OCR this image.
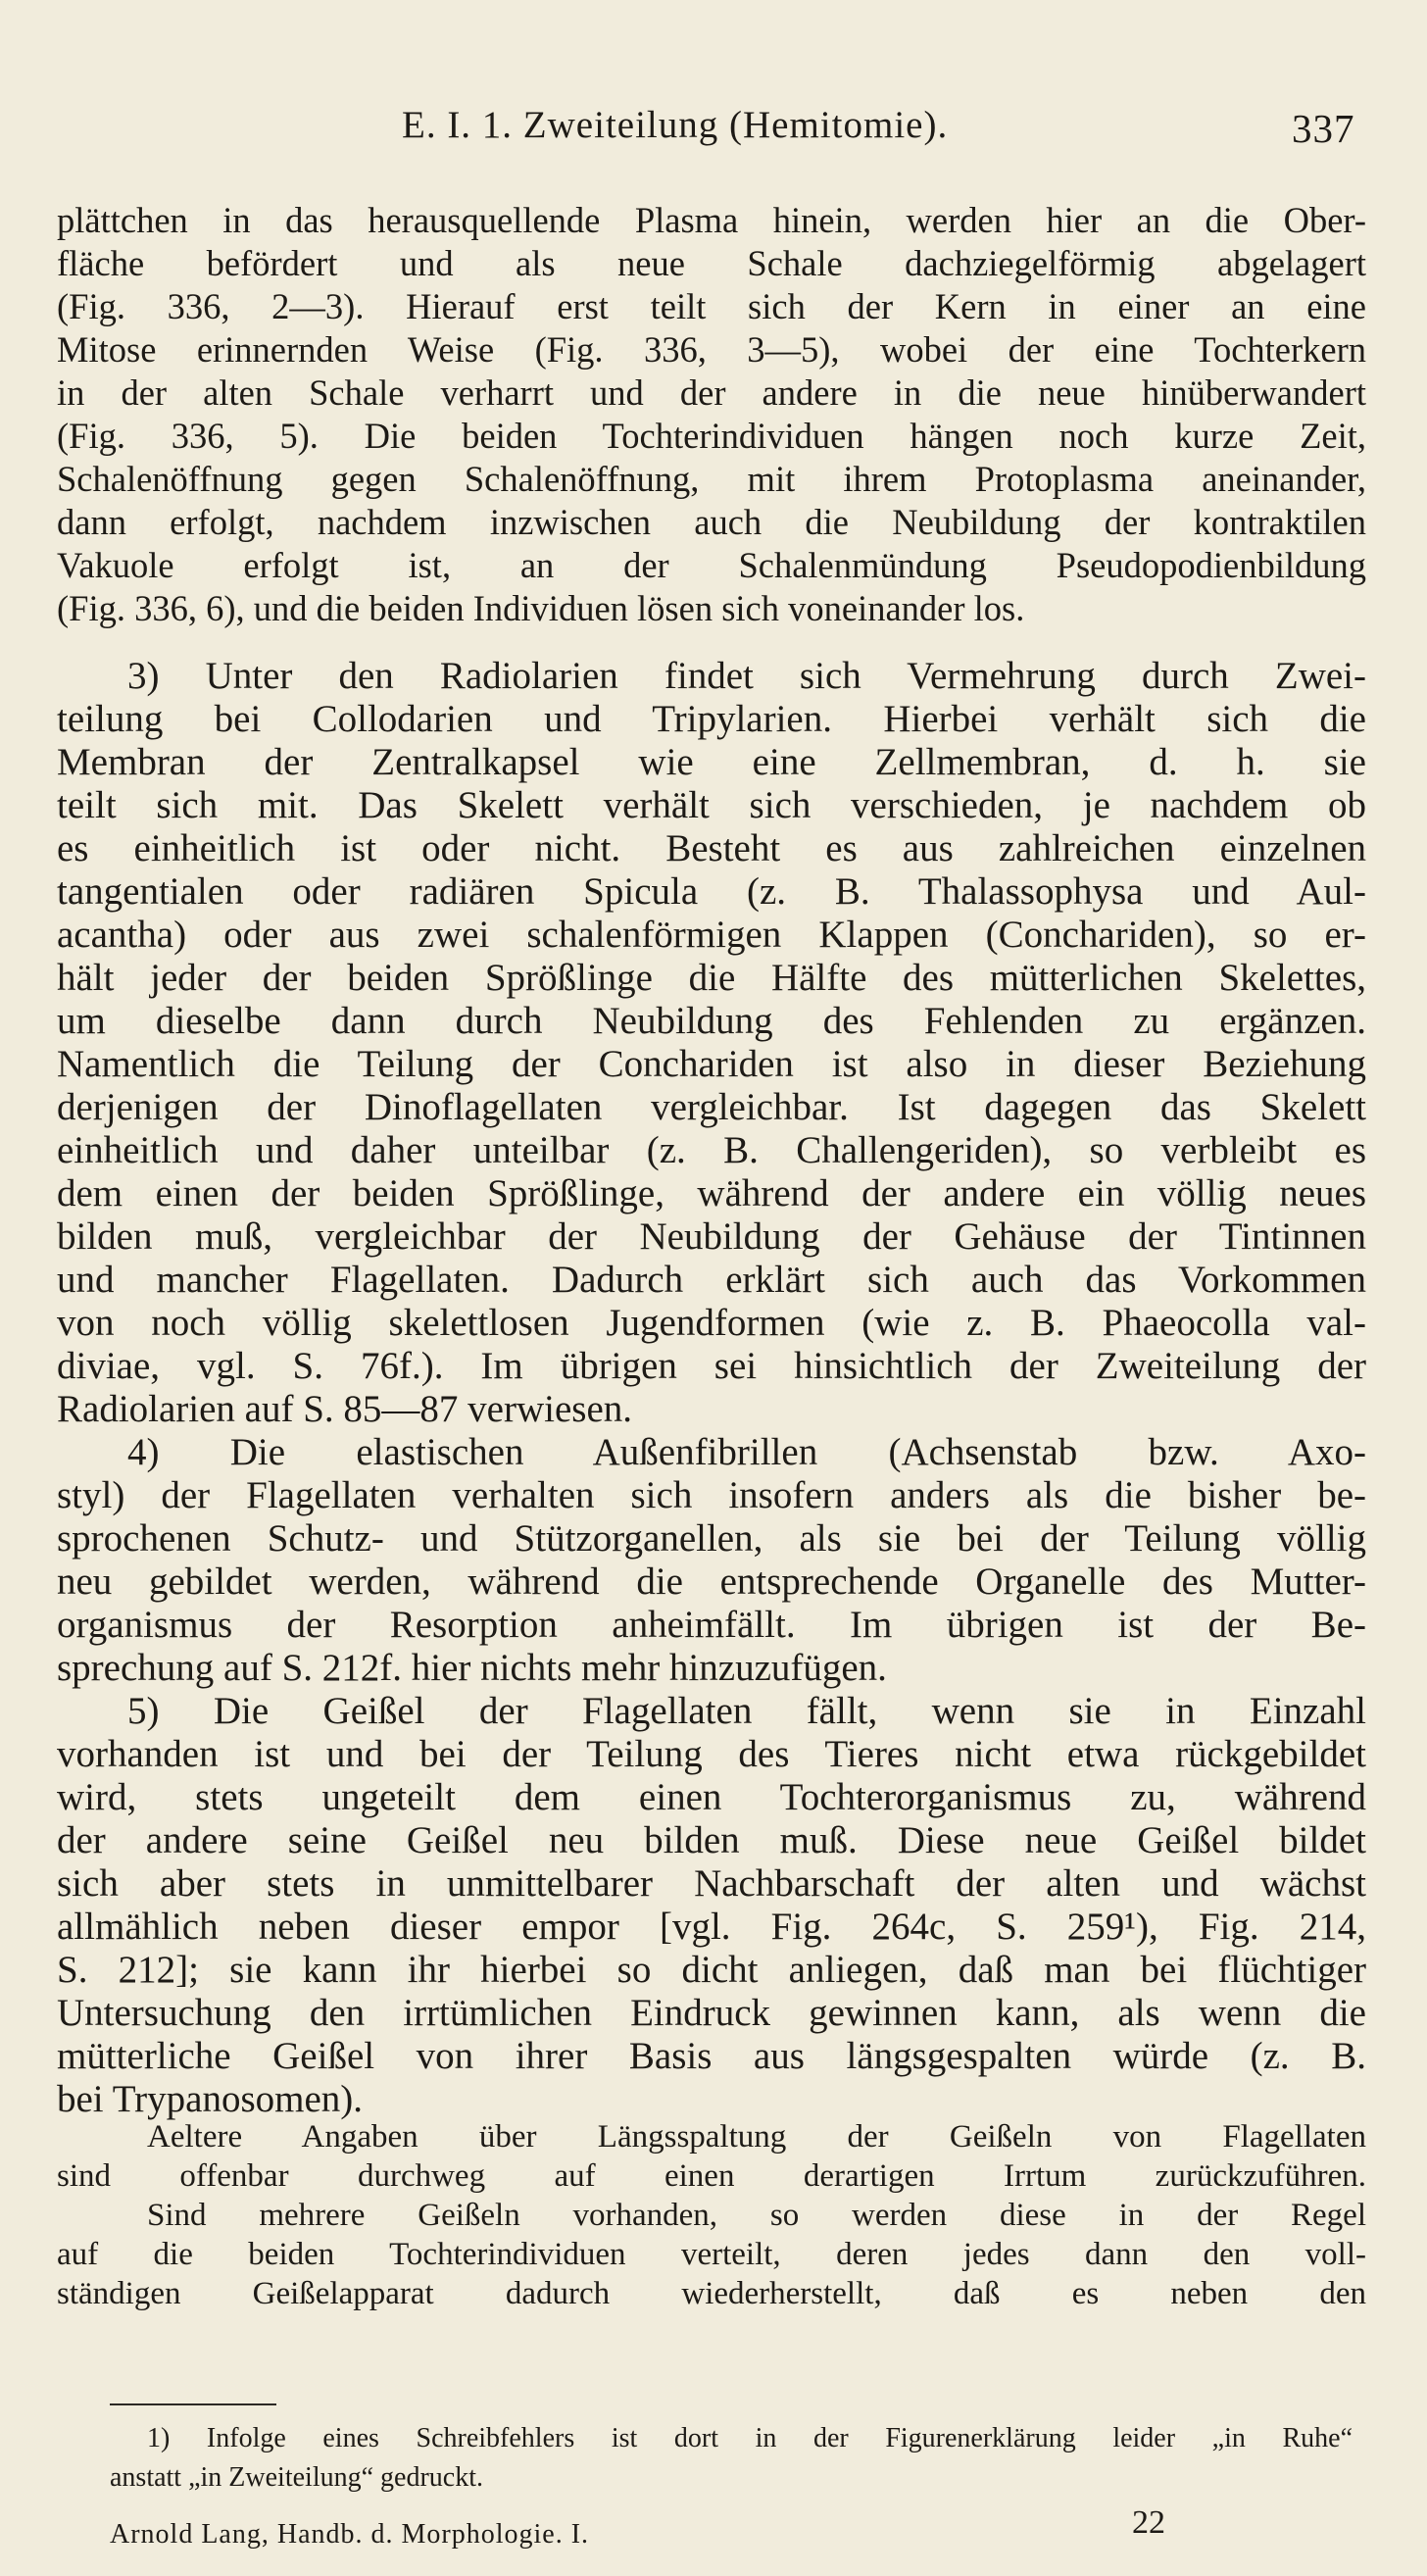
E. I. 1. Zweiteilung (Hemitomie).	337
plättchen in das herausquellende Plasma hinein, werden hier an die Ober-
fläche befördert und als neue Schale dachziegelförmig abgelagert
(Fig. 336, 2—3). Hierauf erst teilt sich der Kern in einer an eine
Mitose erinnernden Weise (Fig. 336, 3—5), wobei der eine Tochterkern
in der alten Schale verharrt und der andere in die neue hinüberwandert
(Fig. 336, 5). Die beiden Tochterindividuen hängen noch kurze Zeit,
Schalenöffnung gegen Schalenöffnung, mit ihrem Protoplasma aneinander,
dann erfolgt, nachdem inzwischen auch die Neubildung der kontraktilen
Vakuole erfolgt ist, an der Schalenmündung Pseudopodienbildung
(Fig. 336, 6), und die beiden Individuen lösen sich voneinander los.
3) Unter den Radiolarien findet sich Vermehrung durch Zwei-
teilung bei Collodarien und Tripylarien. Hierbei verhält sich die
Membran der Zentralkapsel wie eine Zellmembran, d. h. sie
teilt sich mit. Das Skelett verhält sich verschieden, je nachdem ob
es einheitlich ist oder nicht. Besteht es aus zahlreichen einzelnen
tangentialen oder radiären Spicula (z. B. Thalassophysa und Aul-
acantha) oder aus zwei schalenförmigen Klappen (Conchariden), so er-
hält jeder der beiden Sprößlinge die Hälfte des mütterlichen Skelettes,
um dieselbe dann durch Neubildung des Fehlenden zu ergänzen.
Namentlich die Teilung der Conchariden ist also in dieser Beziehung
derjenigen der Dinoflagellaten vergleichbar. Ist dagegen das Skelett
einheitlich und daher unteilbar (z. B. Challengeriden), so verbleibt es
dem einen der beiden Sprößlinge, während der andere ein völlig neues
bilden muß, vergleichbar der Neubildung der Gehäuse der Tintinnen
und mancher Flagellaten. Dadurch erklärt sich auch das Vorkommen
von noch völlig skelettlosen Jugendformen (wie z. B. Phaeocolla val-
diviae, vgl. S. 76f.). Im übrigen sei hinsichtlich der Zweiteilung der
Radiolarien auf S. 85—87 verwiesen.
4) Die elastischen Außenfibrillen (Achsenstab bzw. Axo-
styl) der Flagellaten verhalten sich insofern anders als die bisher be-
sprochenen Schutz- und Stützorganellen, als sie bei der Teilung völlig
neu gebildet werden, während die entsprechende Organelle des Mutter-
organismus der Resorption anheimfällt. Im übrigen ist der Be-
sprechung auf S. 212f. hier nichts mehr hinzuzufügen.
5) Die Geißel der Flagellaten fällt, wenn sie in Einzahl
vorhanden ist und bei der Teilung des Tieres nicht etwa rückgebildet
wird, stets ungeteilt dem einen Tochterorganismus zu, während
der andere seine Geißel neu bilden muß. Diese neue Geißel bildet
sich aber stets in unmittelbarer Nachbarschaft der alten und wächst
allmählich neben dieser empor [vgl. Fig. 264c, S. 259¹), Fig. 214,
S. 212]; sie kann ihr hierbei so dicht anliegen, daß man bei flüchtiger
Untersuchung den irrtümlichen Eindruck gewinnen kann, als wenn die
mütterliche Geißel von ihrer Basis aus längsgespalten würde (z. B.
bei Trypanosomen).
Aeltere Angaben über Längsspaltung der Geißeln von Flagellaten
sind offenbar durchweg auf einen derartigen Irrtum zurückzuführen.
Sind mehrere Geißeln vorhanden, so werden diese in der Regel
auf die beiden Tochterindividuen verteilt, deren jedes dann den voll-
ständigen Geißelapparat dadurch wiederherstellt, daß es neben den
1) Infolge eines Schreibfehlers ist dort in der Figurenerklärung leider „in Ruhe“
anstatt „in Zweiteilung“ gedruckt.
Arnold Lang, Handb. d. Morphologie. I.	22
